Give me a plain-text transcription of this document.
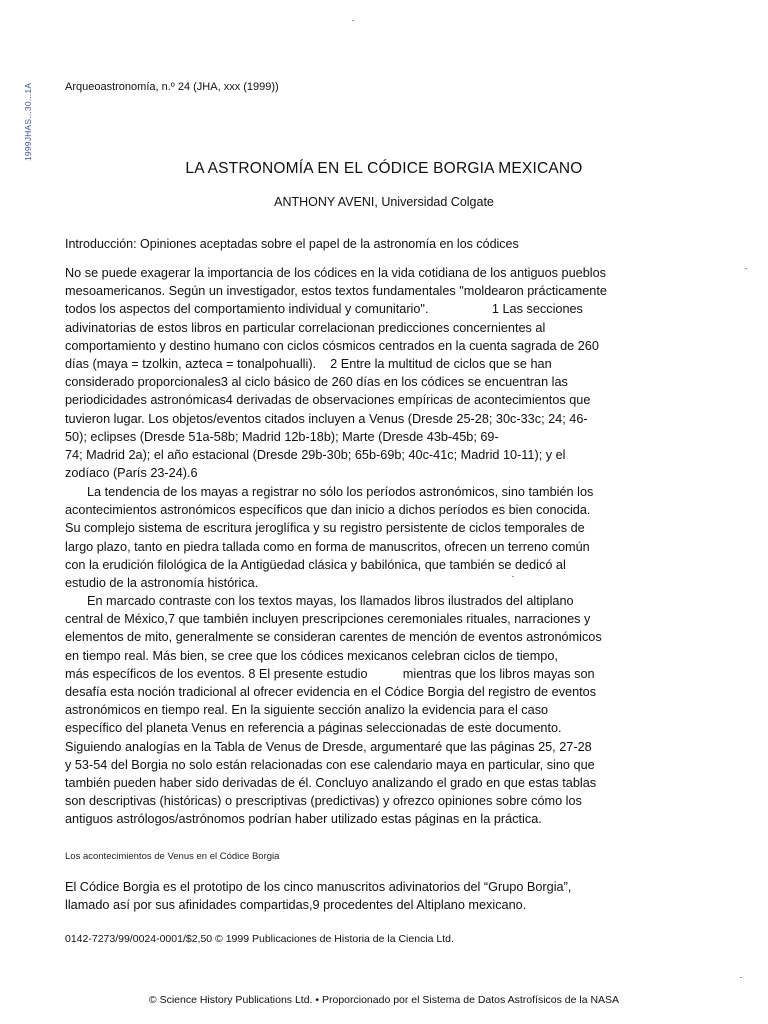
1999JHAS...30...1A	Arqueoastronomía, n.º 24 (JHA, xxx (1999))
LA ASTRONOMÍA EN EL CÓDICE BORGIA MEXICANO
ANTHONY AVENI, Universidad Colgate
Introducción: Opiniones aceptadas sobre el papel de la astronomía en los códices
No se puede exagerar la importancia de los códices en la vida cotidiana de los antiguos pueblos
mesoamericanos. Según un investigador, estos textos fundamentales "moldearon prácticamente
todos los aspectos del comportamiento individual y comunitario".                  1 Las secciones
adivinatorias de estos libros en particular correlacionan predicciones concernientes al
comportamiento y destino humano con ciclos cósmicos centrados en la cuenta sagrada de 260
días (maya = tzolkin, azteca = tonalpohualli).    2 Entre la multitud de ciclos que se han
considerado proporcionales3 al ciclo básico de 260 días en los códices se encuentran las
periodicidades astronómicas4 derivadas de observaciones empíricas de acontecimientos que
tuvieron lugar. Los objetos/eventos citados incluyen a Venus (Dresde 25-28; 30c-33c; 24; 46-
50); eclipses (Dresde 51a-58b; Madrid 12b-18b); Marte (Dresde 43b-45b; 69-
74; Madrid 2a); el año estacional (Dresde 29b-30b; 65b-69b; 40c-41c; Madrid 10-11); y el
zodíaco (París 23-24).6
La tendencia de los mayas a registrar no sólo los períodos astronómicos, sino también los
acontecimientos astronómicos específicos que dan inicio a dichos períodos es bien conocida.
Su complejo sistema de escritura jeroglífica y su registro persistente de ciclos temporales de
largo plazo, tanto en piedra tallada como en forma de manuscritos, ofrecen un terreno común
con la erudición filológica de la Antigüedad clásica y babilónica, que también se dedicó al
estudio de la astronomía histórica.
En marcado contraste con los textos mayas, los llamados libros ilustrados del altiplano
central de México,7 que también incluyen prescripciones ceremoniales rituales, narraciones y
elementos de mito, generalmente se consideran carentes de mención de eventos astronómicos
en tiempo real. Más bien, se cree que los códices mexicanos celebran ciclos de tiempo,
más específicos de los eventos. 8 El presente estudio          mientras que los libros mayas son
desafía esta noción tradicional al ofrecer evidencia en el Códice Borgia del registro de eventos
astronómicos en tiempo real. En la siguiente sección analizo la evidencia para el caso
específico del planeta Venus en referencia a páginas seleccionadas de este documento.
Siguiendo analogías en la Tabla de Venus de Dresde, argumentaré que las páginas 25, 27-28
y 53-54 del Borgia no solo están relacionadas con ese calendario maya en particular, sino que
también pueden haber sido derivadas de él. Concluyo analizando el grado en que estas tablas
son descriptivas (históricas) o prescriptivas (predictivas) y ofrezco opiniones sobre cómo los
antiguos astrólogos/astrónomos podrían haber utilizado estas páginas en la práctica.
Los acontecimientos de Venus en el Códice Borgia
El Códice Borgia es el prototipo de los cinco manuscritos adivinatorios del “Grupo Borgia”,
llamado así por sus afinidades compartidas,9 procedentes del Altiplano mexicano.
0142-7273/99/0024-0001/$2,50 © 1999 Publicaciones de Historia de la Ciencia Ltd.
© Science History Publications Ltd. • Proporcionado por el Sistema de Datos Astrofísicos de la NASA
